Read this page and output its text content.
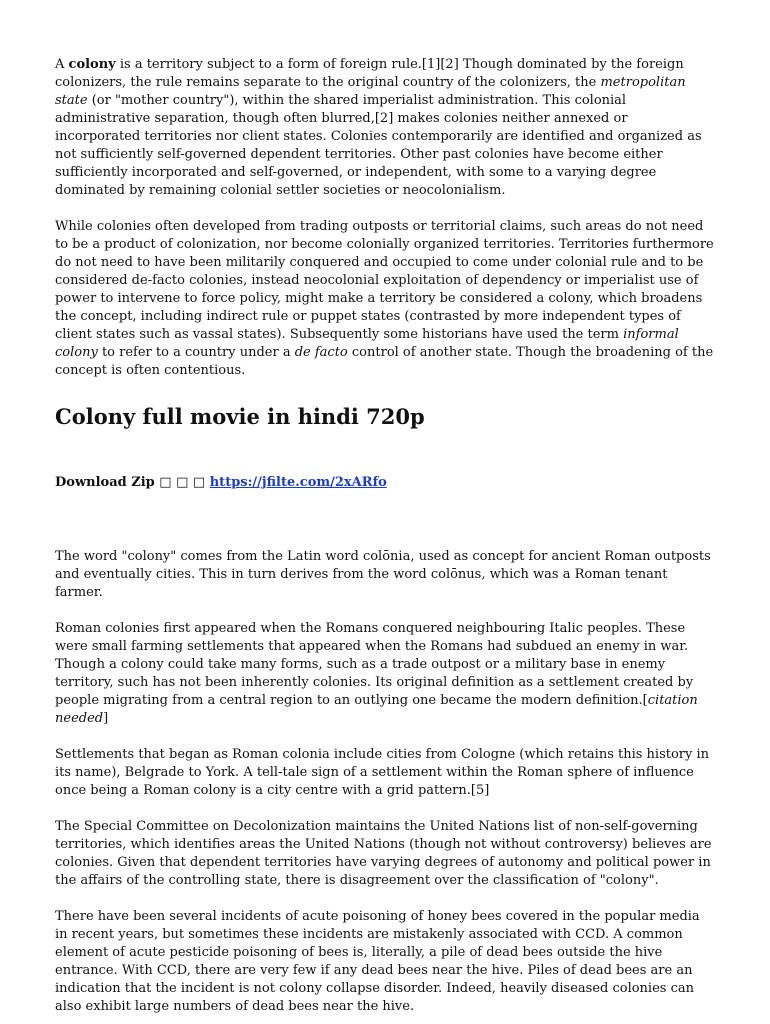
A colony is a territory subject to a form of foreign rule.[1][2] Though dominated by the foreign colonizers, the rule remains separate to the original country of the colonizers, the metropolitan state (or "mother country"), within the shared imperialist administration. This colonial administrative separation, though often blurred,[2] makes colonies neither annexed or incorporated territories nor client states. Colonies contemporarily are identified and organized as not sufficiently self-governed dependent territories. Other past colonies have become either sufficiently incorporated and self-governed, or independent, with some to a varying degree dominated by remaining colonial settler societies or neocolonialism.

While colonies often developed from trading outposts or territorial claims, such areas do not need to be a product of colonization, nor become colonially organized territories. Territories furthermore do not need to have been militarily conquered and occupied to come under colonial rule and to be considered de-facto colonies, instead neocolonial exploitation of dependency or imperialist use of power to intervene to force policy, might make a territory be considered a colony, which broadens the concept, including indirect rule or puppet states (contrasted by more independent types of client states such as vassal states). Subsequently some historians have used the term informal colony to refer to a country under a de facto control of another state. Though the broadening of the concept is often contentious.

Colony full movie in hindi 720p
Download Zip □ □ □ https://jfilte.com/2xARfo

The word "colony" comes from the Latin word colōnia, used as concept for ancient Roman outposts and eventually cities. This in turn derives from the word colōnus, which was a Roman tenant farmer.

Roman colonies first appeared when the Romans conquered neighbouring Italic peoples. These were small farming settlements that appeared when the Romans had subdued an enemy in war. Though a colony could take many forms, such as a trade outpost or a military base in enemy territory, such has not been inherently colonies. Its original definition as a settlement created by people migrating from a central region to an outlying one became the modern definition.[citation needed]

Settlements that began as Roman colonia include cities from Cologne (which retains this history in its name), Belgrade to York. A tell-tale sign of a settlement within the Roman sphere of influence once being a Roman colony is a city centre with a grid pattern.[5]

The Special Committee on Decolonization maintains the United Nations list of non-self-governing territories, which identifies areas the United Nations (though not without controversy) believes are colonies. Given that dependent territories have varying degrees of autonomy and political power in the affairs of the controlling state, there is disagreement over the classification of "colony".

There have been several incidents of acute poisoning of honey bees covered in the popular media in recent years, but sometimes these incidents are mistakenly associated with CCD. A common element of acute pesticide poisoning of bees is, literally, a pile of dead bees outside the hive entrance. With CCD, there are very few if any dead bees near the hive. Piles of dead bees are an indication that the incident is not colony collapse disorder. Indeed, heavily diseased colonies can also exhibit large numbers of dead bees near the hive.
